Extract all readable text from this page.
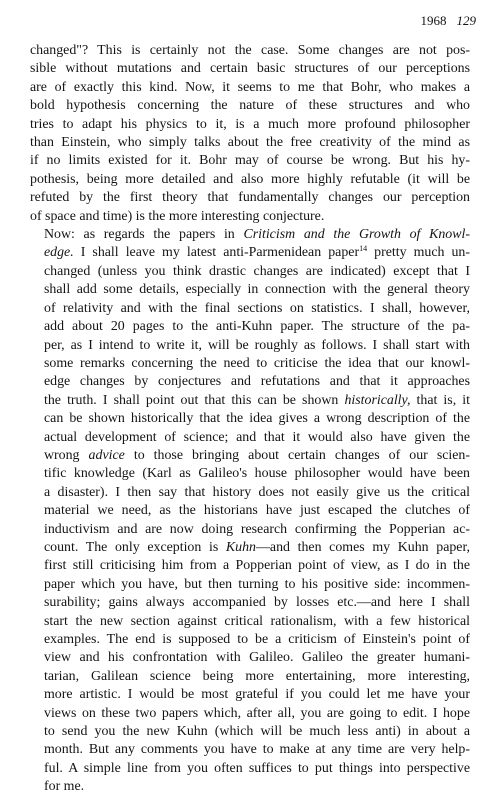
1968 129

changed"? This is certainly not the case. Some changes are not pos-
sible without mutations and certain basic structures of our perceptions
are of exactly this kind. Now, it seems to me that Bohr, who makes a
bold hypothesis concerning the nature of these structures and who
tries to adapt his physics to it, is a much more profound philosopher
than Einstein, who simply talks about the free creativity of the mind as
if no limits existed for it. Bohr may of course be wrong. But his hy-
pothesis, being more detailed and also more highly refutable (it will be
refuted by the first theory that fundamentally changes our perception
of space and time) is the more interesting conjecture.

Now: as regards the papers in Criticism and the Growth of Knowl-
edge. I shall leave my latest anti-Parmenidean paper$^{14}$ pretty much un-
changed (unless you think drastic changes are indicated) except that I
shall add some details, especially in connection with the general theory
of relativity and with the final sections on statistics. I shall, however,
add about 20 pages to the anti-Kuhn paper. The structure of the pa-
per, as I intend to write it, will be roughly as follows. I shall start with
some remarks concerning the need to criticise the idea that our knowl-
edge changes by conjectures and refutations and that it approaches
the truth. I shall point out that this can be shown historically, that is, it
can be shown historically that the idea gives a wrong description of the
actual development of science; and that it would also have given the
wrong advice to those bringing about certain changes of our scien-
tific knowledge (Karl as Galileo's house philosopher would have been
a disaster). I then say that history does not easily give us the critical
material we need, as the historians have just escaped the clutches of
inductivism and are now doing research confirming the Popperian ac-
count. The only exception is Kuhn—and then comes my Kuhn paper,
first still criticising him from a Popperian point of view, as I do in the
paper which you have, but then turning to his positive side: incommen-
surability; gains always accompanied by losses etc.—and here I shall
start the new section against critical rationalism, with a few historical
examples. The end is supposed to be a criticism of Einstein's point of
view and his confrontation with Galileo. Galileo the greater humani-
tarian, Galilean science being more entertaining, more interesting,
more artistic. I would be most grateful if you could let me have your
views on these two papers which, after all, you are going to edit. I hope
to send you the new Kuhn (which will be much less anti) in about a
month. But any comments you have to make at any time are very help-
ful. A simple line from you often suffices to put things into perspective
for me.
